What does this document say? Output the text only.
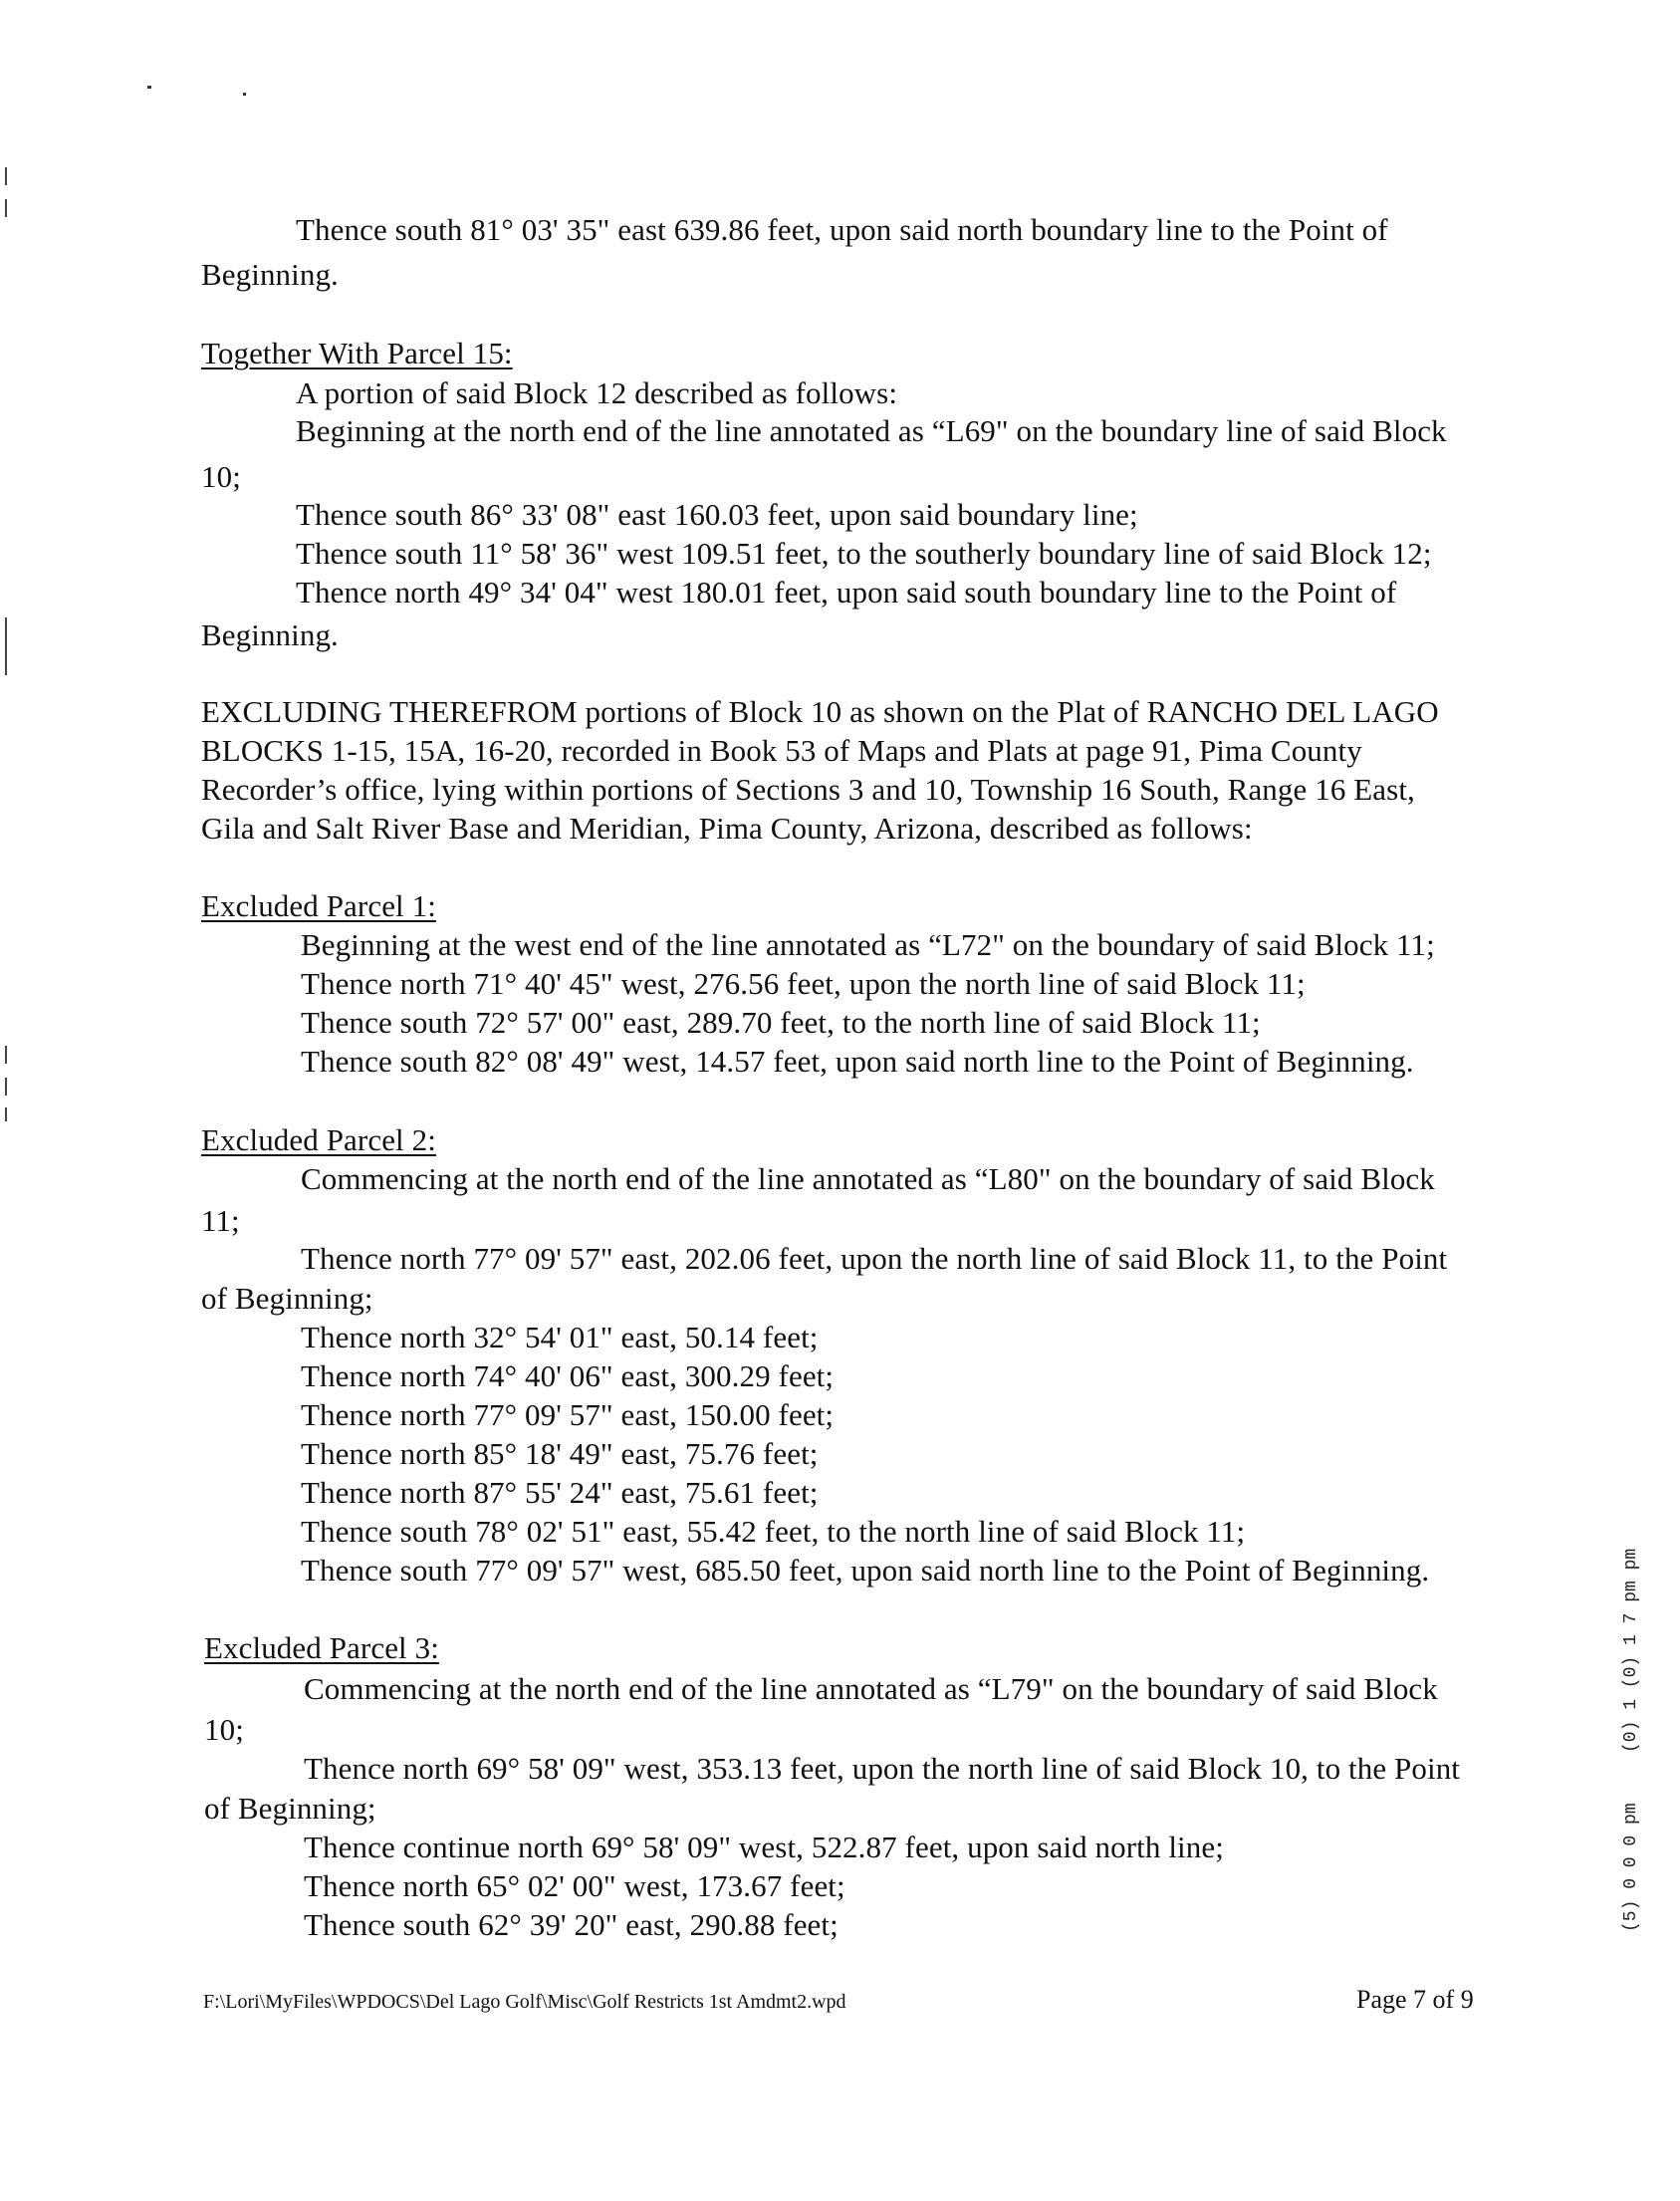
Thence south 81° 03' 35" east 639.86 feet, upon said north boundary line to the Point of
Beginning.
Together With Parcel 15:
A portion of said Block 12 described as follows:
Beginning at the north end of the line annotated as “L69" on the boundary line of said Block
10;
Thence south 86° 33' 08" east 160.03 feet, upon said boundary line;
Thence south 11° 58' 36" west 109.51 feet, to the southerly boundary line of said Block 12;
Thence north 49° 34' 04" west 180.01 feet, upon said south boundary line to the Point of
Beginning.
EXCLUDING THEREFROM portions of Block 10 as shown on the Plat of RANCHO DEL LAGO
BLOCKS 1-15, 15A, 16-20, recorded in Book 53 of Maps and Plats at page 91, Pima County
Recorder’s office, lying within portions of Sections 3 and 10, Township 16 South, Range 16 East,
Gila and Salt River Base and Meridian, Pima County, Arizona, described as follows:
Excluded Parcel 1:
Beginning at the west end of the line annotated as “L72" on the boundary of said Block 11;
Thence north 71° 40' 45" west, 276.56 feet, upon the north line of said Block 11;
Thence south 72° 57' 00" east, 289.70 feet, to the north line of said Block 11;
Thence south 82° 08' 49" west, 14.57 feet, upon said north line to the Point of Beginning.
Excluded Parcel 2:
Commencing at the north end of the line annotated as “L80" on the boundary of said Block
11;
Thence north 77° 09' 57" east, 202.06 feet, upon the north line of said Block 11, to the Point
of Beginning;
Thence north 32° 54' 01" east, 50.14 feet;
Thence north 74° 40' 06" east, 300.29 feet;
Thence north 77° 09' 57" east, 150.00 feet;
Thence north 85° 18' 49" east, 75.76 feet;
Thence north 87° 55' 24" east, 75.61 feet;
Thence south 78° 02' 51" east, 55.42 feet, to the north line of said Block 11;
Thence south 77° 09' 57" west, 685.50 feet, upon said north line to the Point of Beginning.
Excluded Parcel 3:
Commencing at the north end of the line annotated as “L79" on the boundary of said Block
10;
Thence north 69° 58' 09" west, 353.13 feet, upon the north line of said Block 10, to the Point
of Beginning;
Thence continue north 69° 58' 09" west, 522.87 feet, upon said north line;
Thence north 65° 02' 00" west, 173.67 feet;
Thence south 62° 39' 20" east, 290.88 feet;
F:\Lori\MyFiles\WPDOCS\Del Lago Golf\Misc\Golf Restricts 1st Amdmt2.wpd	Page 7 of 9
(0) 1 (0) 1 7 pm pm
(5) 0 0 0 pm
